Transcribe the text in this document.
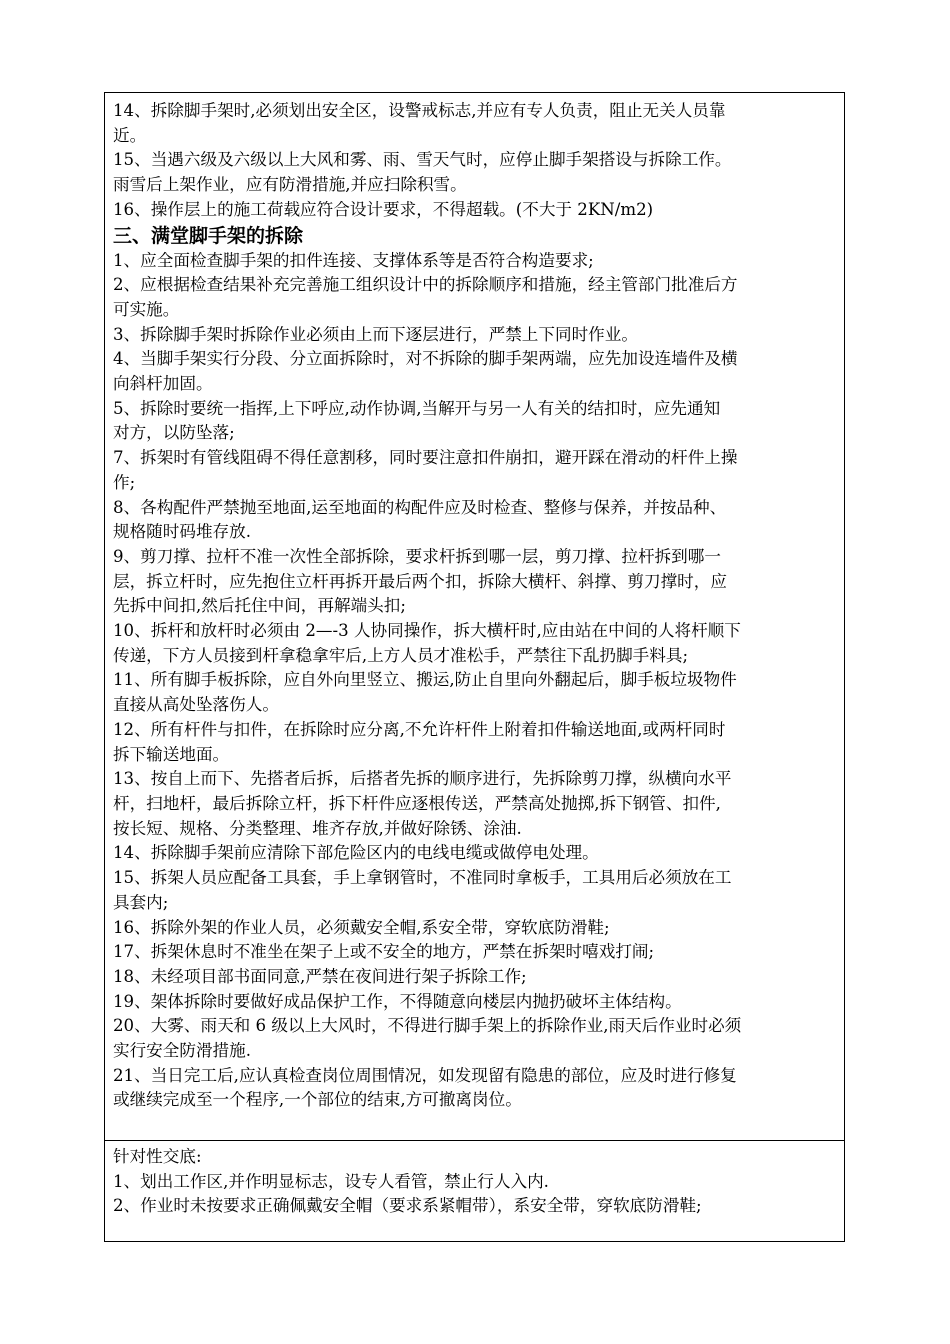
14、拆除脚手架时,必须划出安全区，设警戒标志,并应有专人负责，阻止无关人员靠
近。

15、当遇六级及六级以上大风和雾、雨、雪天气时，应停止脚手架搭设与拆除工作。
雨雪后上架作业，应有防滑措施,并应扫除积雪。

16、操作层上的施工荷载应符合设计要求，不得超载。(不大于 2KN/m2)

三、满堂脚手架的拆除

1、应全面检查脚手架的扣件连接、支撑体系等是否符合构造要求;

2、应根据检查结果补充完善施工组织设计中的拆除顺序和措施，经主管部门批准后方
可实施。

3、拆除脚手架时拆除作业必须由上而下逐层进行，严禁上下同时作业。

4、当脚手架实行分段、分立面拆除时，对不拆除的脚手架两端，应先加设连墙件及横
向斜杆加固。

5、拆除时要统一指挥,上下呼应,动作协调,当解开与另一人有关的结扣时，应先通知
对方，以防坠落;

7、拆架时有管线阻碍不得任意割移，同时要注意扣件崩扣，避开踩在滑动的杆件上操
作;

8、各构配件严禁抛至地面,运至地面的构配件应及时检查、整修与保养，并按品种、
规格随时码堆存放.

9、剪刀撑、拉杆不准一次性全部拆除，要求杆拆到哪一层，剪刀撑、拉杆拆到哪一
层，拆立杆时，应先抱住立杆再拆开最后两个扣，拆除大横杆、斜撑、剪刀撑时，应
先拆中间扣,然后托住中间，再解端头扣;

10、拆杆和放杆时必须由 2—-3 人协同操作，拆大横杆时,应由站在中间的人将杆顺下
传递，下方人员接到杆拿稳拿牢后,上方人员才准松手，严禁往下乱扔脚手料具;

11、所有脚手板拆除，应自外向里竖立、搬运,防止自里向外翻起后，脚手板垃圾物件
直接从高处坠落伤人。

12、所有杆件与扣件，在拆除时应分离,不允许杆件上附着扣件输送地面,或两杆同时
拆下输送地面。

13、按自上而下、先搭者后拆，后搭者先拆的顺序进行，先拆除剪刀撑，纵横向水平
杆，扫地杆，最后拆除立杆，拆下杆件应逐根传送，严禁高处抛掷,拆下钢管、扣件,
按长短、规格、分类整理、堆齐存放,并做好除锈、涂油.

14、拆除脚手架前应清除下部危险区内的电线电缆或做停电处理。

15、拆架人员应配备工具套，手上拿钢管时，不准同时拿板手，工具用后必须放在工
具套内;

16、拆除外架的作业人员，必须戴安全帽,系安全带，穿软底防滑鞋;

17、拆架休息时不准坐在架子上或不安全的地方，严禁在拆架时嘻戏打闹;

18、未经项目部书面同意,严禁在夜间进行架子拆除工作;

19、架体拆除时要做好成品保护工作，不得随意向楼层内抛扔破坏主体结构。

20、大雾、雨天和 6 级以上大风时，不得进行脚手架上的拆除作业,雨天后作业时必须
实行安全防滑措施.

21、当日完工后,应认真检查岗位周围情况，如发现留有隐患的部位，应及时进行修复
或继续完成至一个程序,一个部位的结束,方可撤离岗位。

针对性交底:

1、划出工作区,并作明显标志，设专人看管，禁止行人入内.

2、作业时未按要求正确佩戴安全帽（要求系紧帽带），系安全带，穿软底防滑鞋;
